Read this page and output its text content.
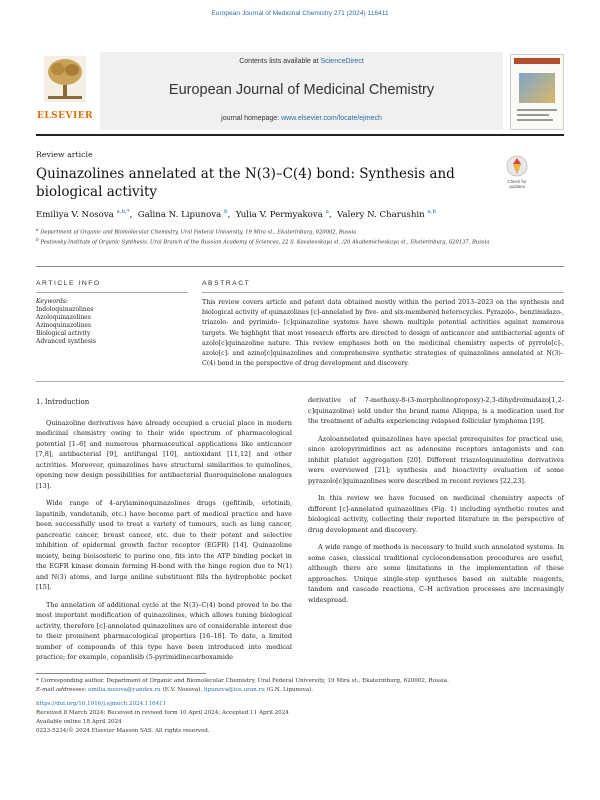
European Journal of Medicinal Chemistry 271 (2024) 116411
ELSEVIER
Contents lists available at ScienceDirect
European Journal of Medicinal Chemistry
journal homepage: www.elsevier.com/locate/ejmech
Review article
Quinazolines annelated at the N(3)–C(4) bond: Synthesis and biological activity
Check for updates
Emiliya V. Nosova $^{a,b,*}$,  Galina N. Lipunova $^b$,  Yulia V. Permyakova $^a$,  Valery N. Charushin $^{a,b}$
$^a$ Department of Organic and Biomolecular Chemistry, Ural Federal University, 19 Mira st., Ekaterinburg, 620002, Russia
$^b$ Postovsky Institute of Organic Synthesis, Ural Branch of the Russian Academy of Sciences, 22 S. Kovalevskaya st. /20 Akademicheskaya st., Ekaterinburg, 620137, Russia
ARTICLE INFO
Keywords:
Indoloquinazolines
Azoloquinazolines
Azinoquinazolines
Biological activity
Advanced synthesis
ABSTRACT
This review covers article and patent data obtained mostly within the period 2013–2023 on the synthesis and biological activity of quinazolines [c]-annelated by five- and six-membered heterocycles. Pyrazolo-, benzimidazo-, triazolo- and pyrimido- [c]quinazoline systems have shown multiple potential activities against numerous targets. We highlight that most research efforts are directed to design of anticancer and antibacterial agents of azolo[c]quinazoline nature. This review emphases both on the medicinal chemistry aspects of pyrrolo[c]-, azolo[c]- and azino[c]quinazolines and comprehensive synthetic strategies of quinazolines annelated at N(3)–C(4) bond in the perspective of drug development and discovery.

1. Introduction

Quinazoline derivatives have already occupied a crucial place in modern medicinal chemistry owing to their wide spectrum of pharmacological potential [1–6] and numerous pharmaceutical applications like anticancer [7,8], antibacterial [9], antifungal [10], antioxidant [11,12] and other activities. Moreover, quinazolines have structural similarities to quinolines, opening new design possibilities for antibacterial fluoroquinolone analogues [13].

Wide range of 4-arylaminoquinazolines drugs (gefitinib, erlotinib, lapatinib, vandetanib, etc.) have become part of medical practice and have been successfully used to treat a variety of tumours, such as lung cancer, pancreatic cancer, breast cancer, etc. due to their potent and selective inhibition of epidermal growth factor receptor (EGFR) [14]. Quinazoline moiety, being bioisosteric to purine one, fits into the ATP binding pocket in the EGFR kinase domain forming H-bond with the hinge region due to N(1) and N(3) atoms, and large aniline substituent fills the hydrophobic pocket [15].

The annelation of additional cycle at the N(3)–C(4) bond proved to be the most important modification of quinazolines, which allows tuning biological activity, therefore [c]-annelated quinazolines are of considerable interest due to their prominent pharmacological properties [16–18]. To date, a limited number of compounds of this type have been introduced into medical practice; for example, copanlisib (5-pyrimidinecarboxamide

derivative of 7-methoxy-8-(3-morpholinopropoxy)-2,3-dihydroimidazo[1,2-c]quinazoline) sold under the brand name Aliqopa, is a medication used for the treatment of adults experiencing relapsed follicular lymphoma [19].

Azoloannelated quinazolines have special prerequisites for practical use, since azolopyrimidines act as adenosine receptors antagonists and can inhibit platelet aggregation [20]. Different triazoloquinazoline derivatives were overviewed [21]; synthesis and bioactivity evaluation of some pyrazolo[c]quinazolines were described in recent reviews [22,23].

In this review we have focused on medicinal chemistry aspects of different [c]-annelated quinazolines (Fig. 1) including synthetic routes and biological activity, collecting their reported literature in the perspective of drug development and discovery.

A wide range of methods is necessary to build such annelated systems. In some cases, classical traditional cyclocondensation procedures are useful, although there are some limitations in the implementation of these approaches. Unique single-step syntheses based on suitable reagents, tandem and cascade reactions, C–H activation processes are increasingly widespread.

* Corresponding author. Department of Organic and Biomolecular Chemistry, Ural Federal University, 19 Mira st., Ekaterinburg, 620002, Russia.
E-mail addresses: emilia.nosova@yandex.ru (E.V. Nosova), lipunova@ios.uran.ru (G.N. Lipunova).
https://doi.org/10.1016/j.ejmech.2024.116411
Received 8 March 2024; Received in revised form 10 April 2024; Accepted 11 April 2024
Available online 18 April 2024
0223-5234/© 2024 Elsevier Masson SAS. All rights reserved.
